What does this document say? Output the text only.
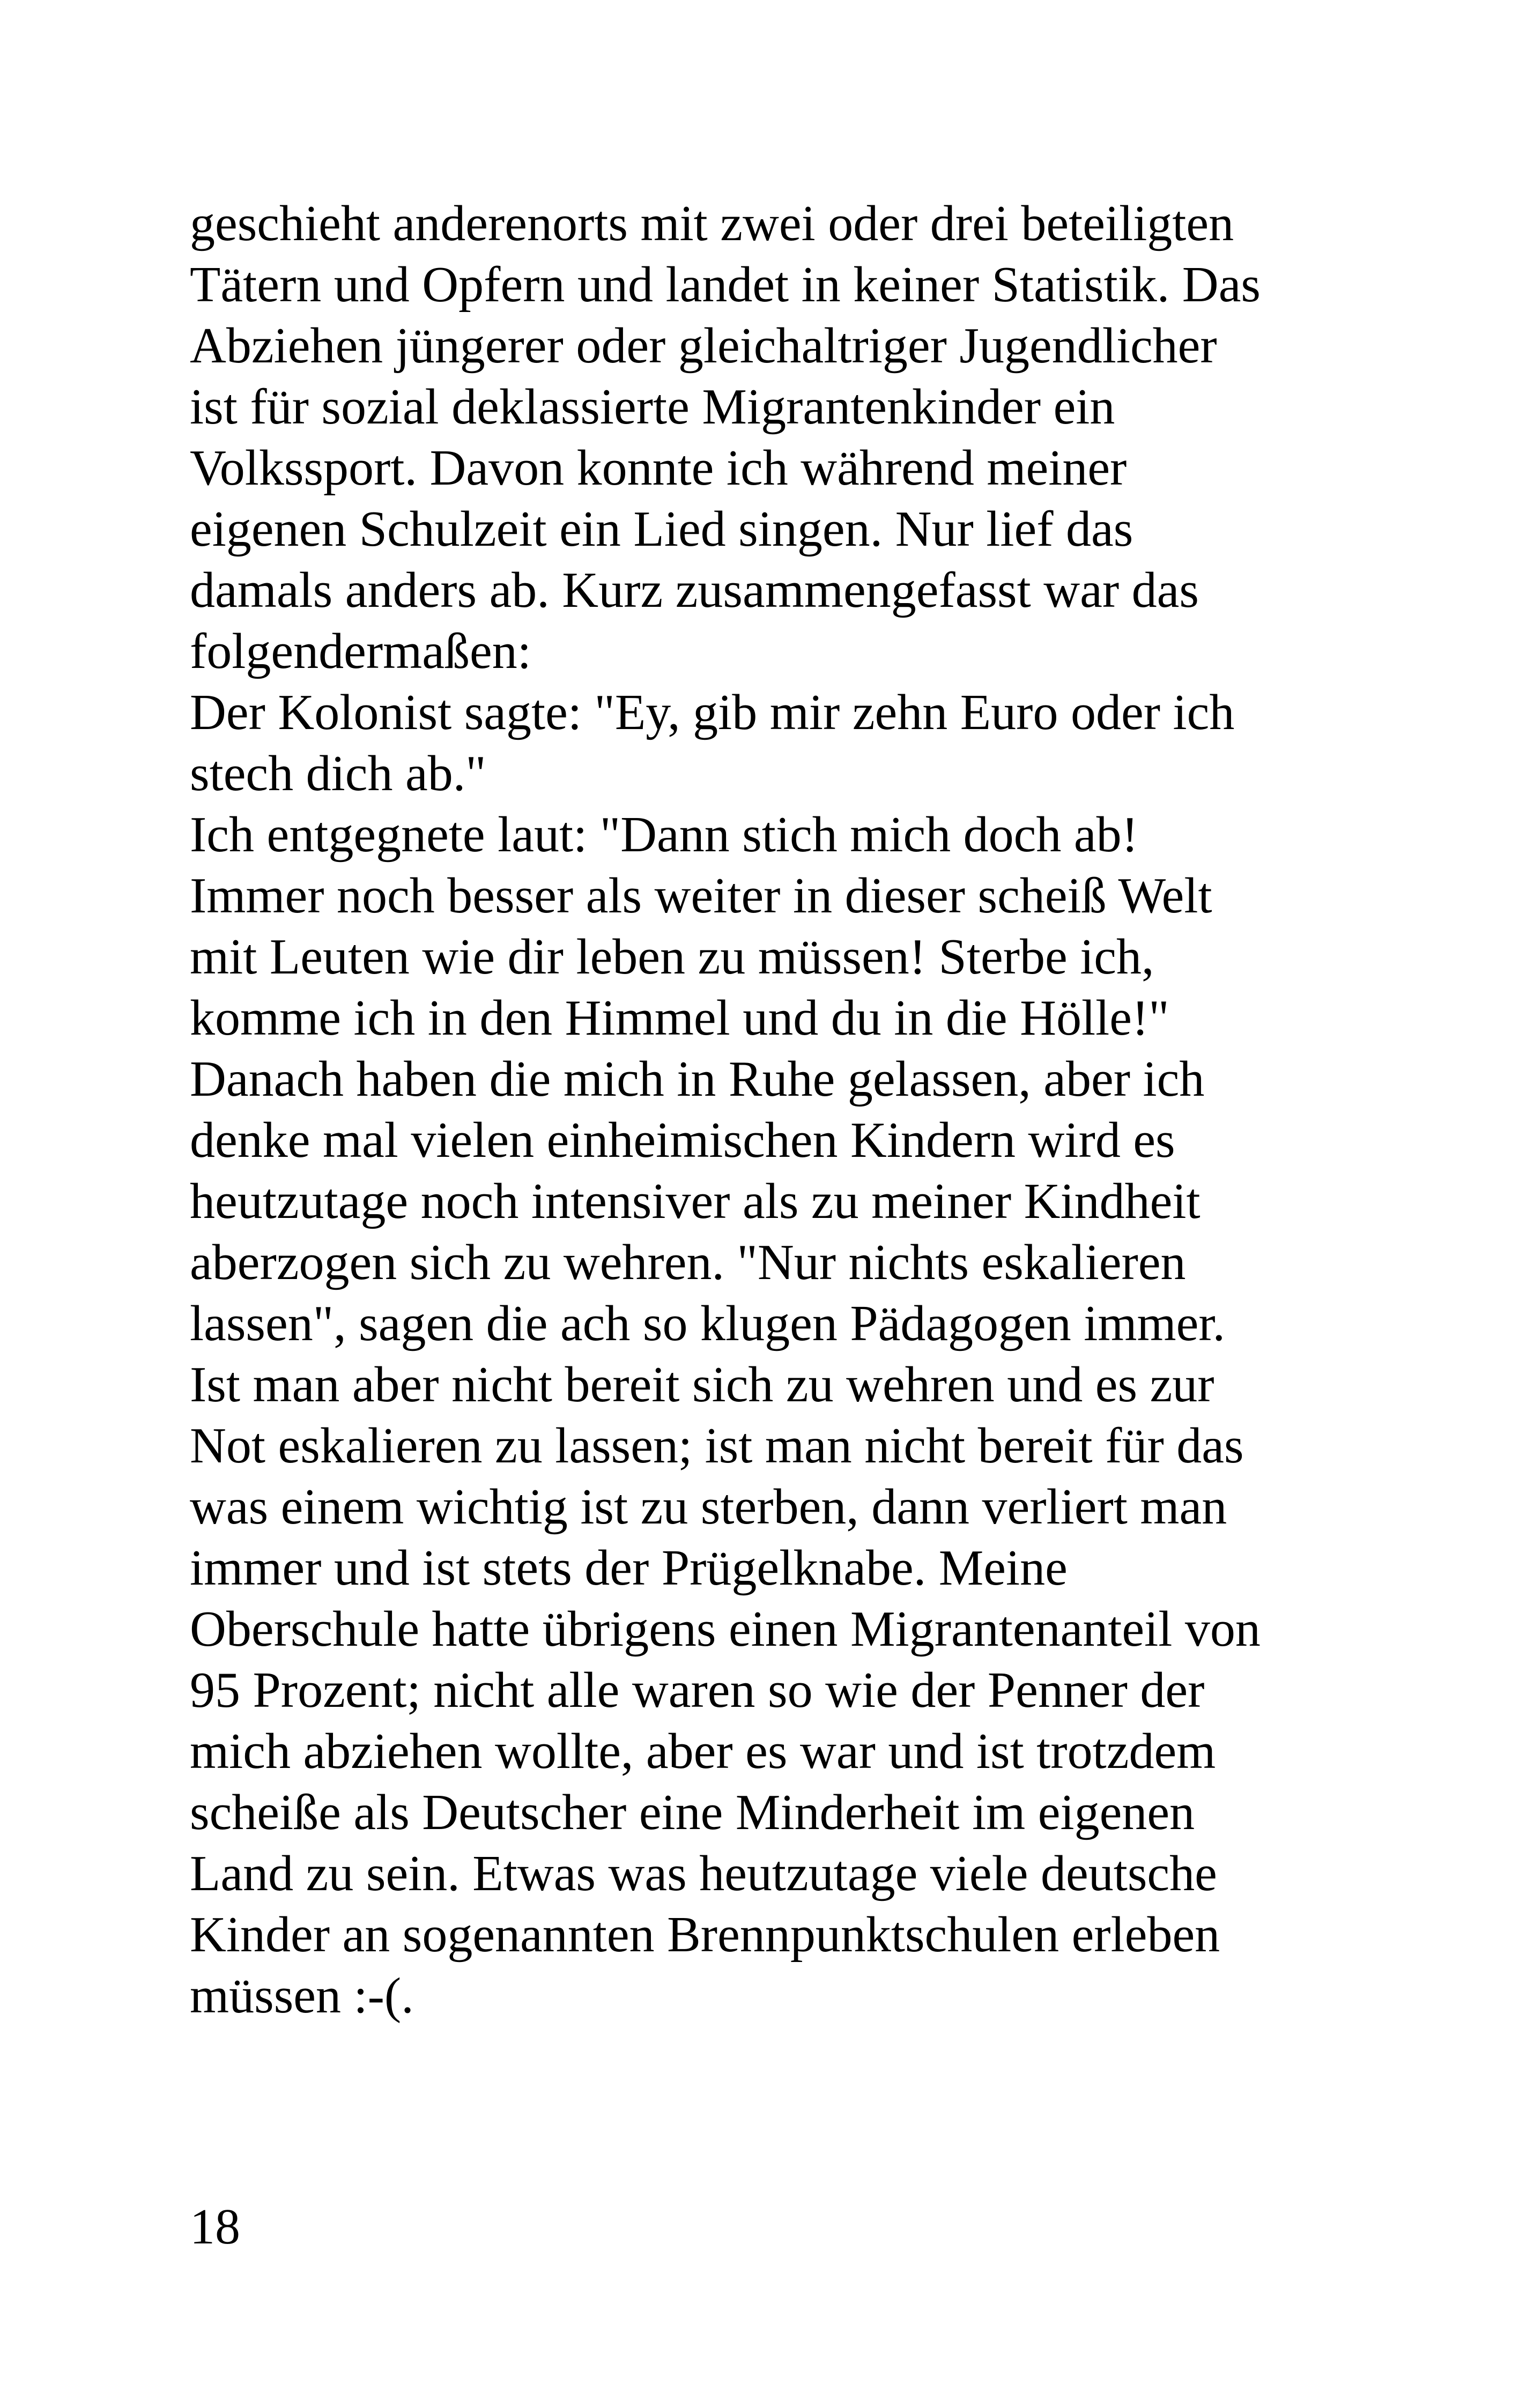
geschieht anderenorts mit zwei oder drei beteiligten
Tätern und Opfern und landet in keiner Statistik. Das
Abziehen jüngerer oder gleichaltriger Jugendlicher
ist für sozial deklassierte Migrantenkinder ein
Volkssport. Davon konnte ich während meiner
eigenen Schulzeit ein Lied singen. Nur lief das
damals anders ab. Kurz zusammengefasst war das
folgendermaßen:
Der Kolonist sagte: "Ey, gib mir zehn Euro oder ich
stech dich ab."
Ich entgegnete laut: "Dann stich mich doch ab!
Immer noch besser als weiter in dieser scheiß Welt
mit Leuten wie dir leben zu müssen! Sterbe ich,
komme ich in den Himmel und du in die Hölle!"
Danach haben die mich in Ruhe gelassen, aber ich
denke mal vielen einheimischen Kindern wird es
heutzutage noch intensiver als zu meiner Kindheit
aberzogen sich zu wehren. "Nur nichts eskalieren
lassen", sagen die ach so klugen Pädagogen immer.
Ist man aber nicht bereit sich zu wehren und es zur
Not eskalieren zu lassen; ist man nicht bereit für das
was einem wichtig ist zu sterben, dann verliert man
immer und ist stets der Prügelknabe. Meine
Oberschule hatte übrigens einen Migrantenanteil von
95 Prozent; nicht alle waren so wie der Penner der
mich abziehen wollte, aber es war und ist trotzdem
scheiße als Deutscher eine Minderheit im eigenen
Land zu sein. Etwas was heutzutage viele deutsche
Kinder an sogenannten Brennpunktschulen erleben
müssen :-(.
18
